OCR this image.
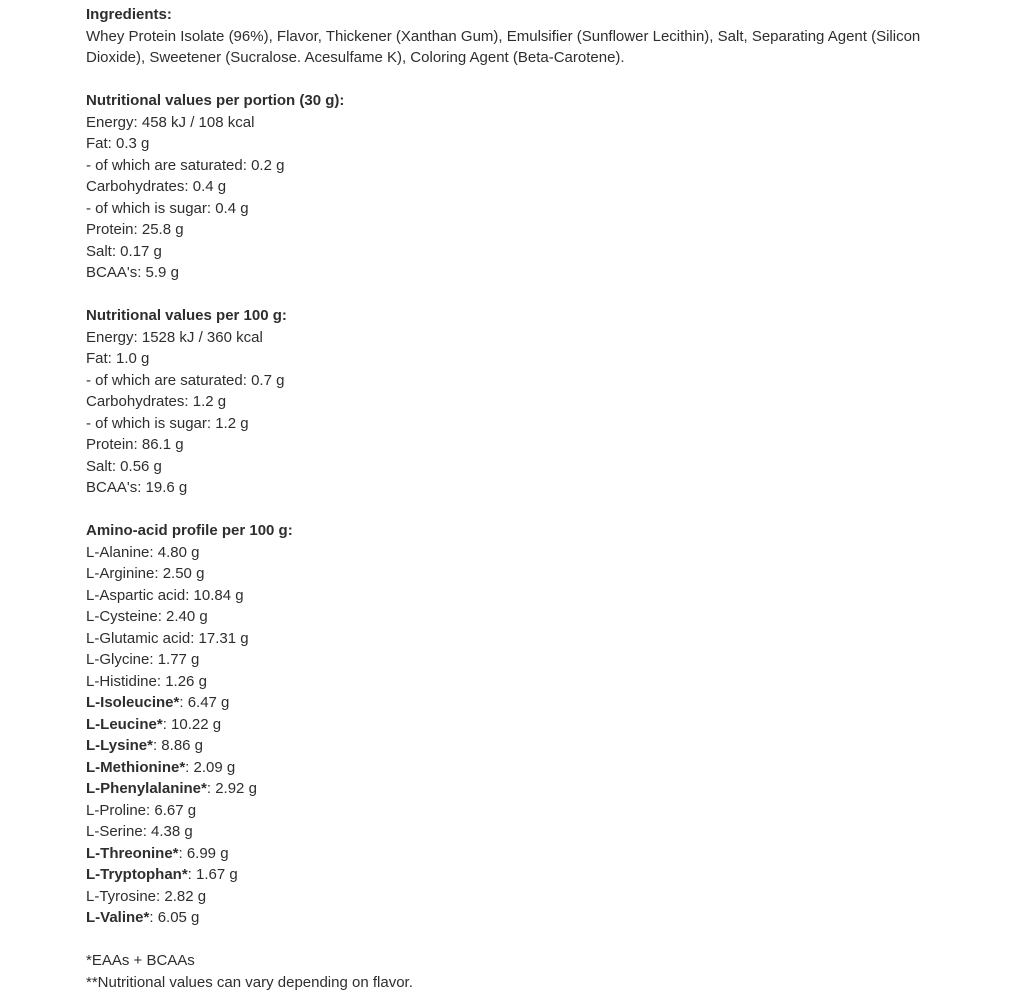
Ingredients:
Whey Protein Isolate (96%), Flavor, Thickener (Xanthan Gum), Emulsifier (Sunflower Lecithin), Salt, Separating Agent (Silicon Dioxide), Sweetener (Sucralose. Acesulfame K), Coloring Agent (Beta-Carotene).
Nutritional values per portion (30 g):
Energy: 458 kJ / 108 kcal
Fat: 0.3 g
- of which are saturated: 0.2 g
Carbohydrates: 0.4 g
- of which is sugar: 0.4 g
Protein: 25.8 g
Salt: 0.17 g
BCAA's: 5.9 g
Nutritional values per 100 g:
Energy: 1528 kJ / 360 kcal
Fat: 1.0 g
- of which are saturated: 0.7 g
Carbohydrates: 1.2 g
- of which is sugar: 1.2 g
Protein: 86.1 g
Salt: 0.56 g
BCAA's: 19.6 g
Amino-acid profile per 100 g:
L-Alanine: 4.80 g
L-Arginine: 2.50 g
L-Aspartic acid: 10.84 g
L-Cysteine: 2.40 g
L-Glutamic acid: 17.31 g
L-Glycine: 1.77 g
L-Histidine: 1.26 g
L-Isoleucine*: 6.47 g
L-Leucine*: 10.22 g
L-Lysine*: 8.86 g
L-Methionine*: 2.09 g
L-Phenylalanine*: 2.92 g
L-Proline: 6.67 g
L-Serine: 4.38 g
L-Threonine*: 6.99 g
L-Tryptophan*: 1.67 g
L-Tyrosine: 2.82 g
L-Valine*: 6.05 g
*EAAs + BCAAs
**Nutritional values can vary depending on flavor.
